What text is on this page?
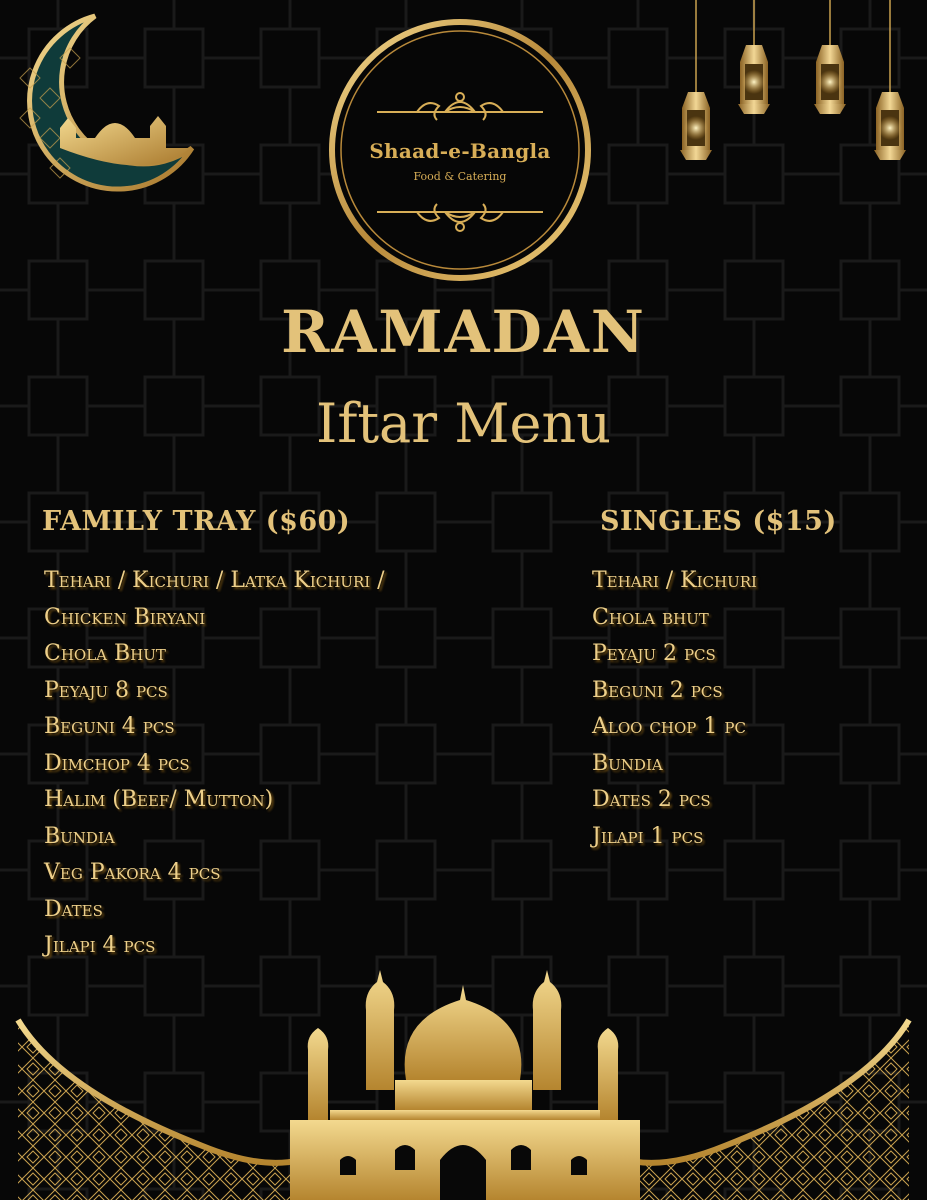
Shaad-e-Bangla
Food & Catering
RAMADAN
Iftar Menu
FAMILY TRAY ($60)	SINGLES ($15)
Tehari / Kichuri / Latka Kichuri /
Chicken Biryani
Chola Bhut
Peyaju 8 pcs
Beguni 4 pcs
Dimchop 4 pcs
Halim (Beef/ Mutton)
Bundia
Veg Pakora 4 pcs
Dates
Jilapi 4 pcs
Tehari / Kichuri
Chola bhut
Peyaju 2 pcs
Beguni 2 pcs
Aloo chop 1 pc
Bundia
Dates 2 pcs
Jilapi 1 pcs
